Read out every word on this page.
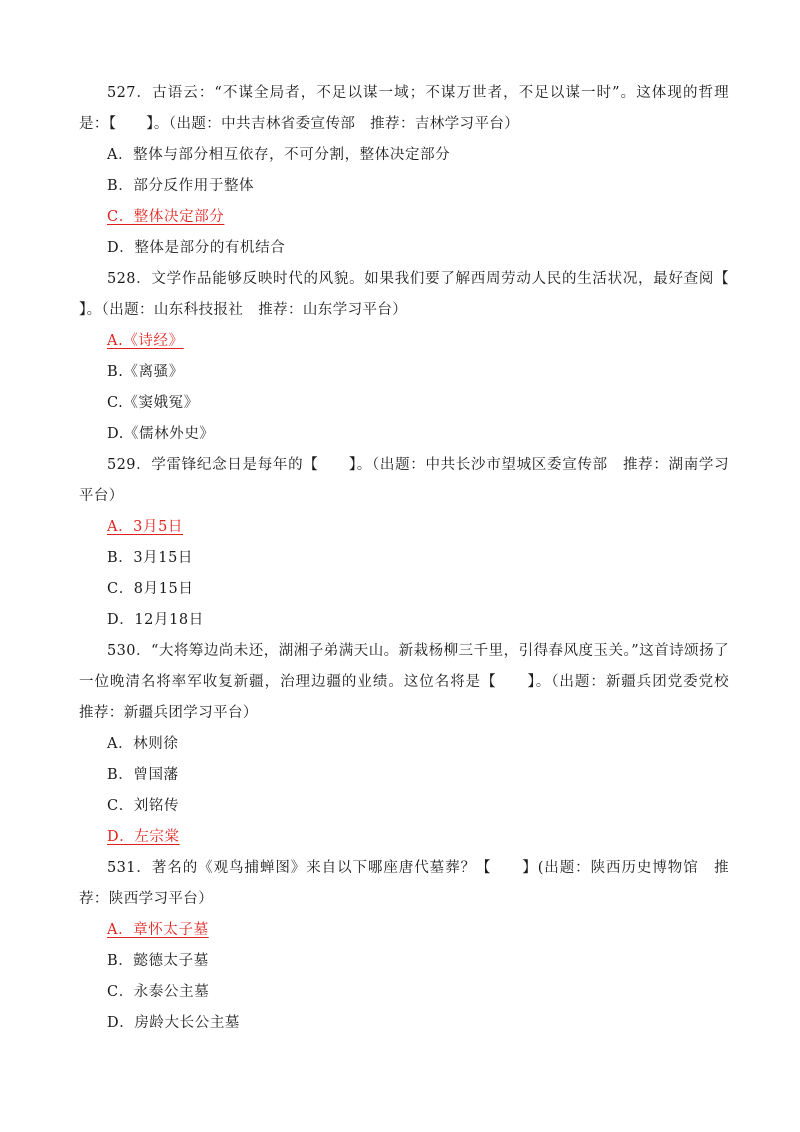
527．古语云：“不谋全局者，不足以谋一域；不谋万世者，不足以谋一时”。这体现的哲理是：【　　】。（出题：中共吉林省委宣传部　推荐：吉林学习平台）

A．整体与部分相互依存，不可分割，整体决定部分

B．部分反作用于整体

C．整体决定部分

D．整体是部分的有机结合

528．文学作品能够反映时代的风貌。如果我们要了解西周劳动人民的生活状况，最好查阅【　　】。（出题：山东科技报社　推荐：山东学习平台）

A.《诗经》

B.《离骚》

C.《窦娥冤》

D.《儒林外史》

529．学雷锋纪念日是每年的【　　】。（出题：中共长沙市望城区委宣传部　推荐：湖南学习平台）

A．3月5日

B．3月15日

C．8月15日

D．12月18日

530．“大将筹边尚未还，湖湘子弟满天山。新栽杨柳三千里，引得春风度玉关。”这首诗颂扬了一位晚清名将率军收复新疆，治理边疆的业绩。这位名将是【　　】。（出题：新疆兵团党委党校　推荐：新疆兵团学习平台）

A．林则徐

B．曾国藩

C．刘铭传

D．左宗棠

531．著名的《观鸟捕蝉图》来自以下哪座唐代墓葬？【　　】(出题：陕西历史博物馆　推荐：陕西学习平台）

A．章怀太子墓

B．懿德太子墓

C．永泰公主墓

D．房龄大长公主墓
